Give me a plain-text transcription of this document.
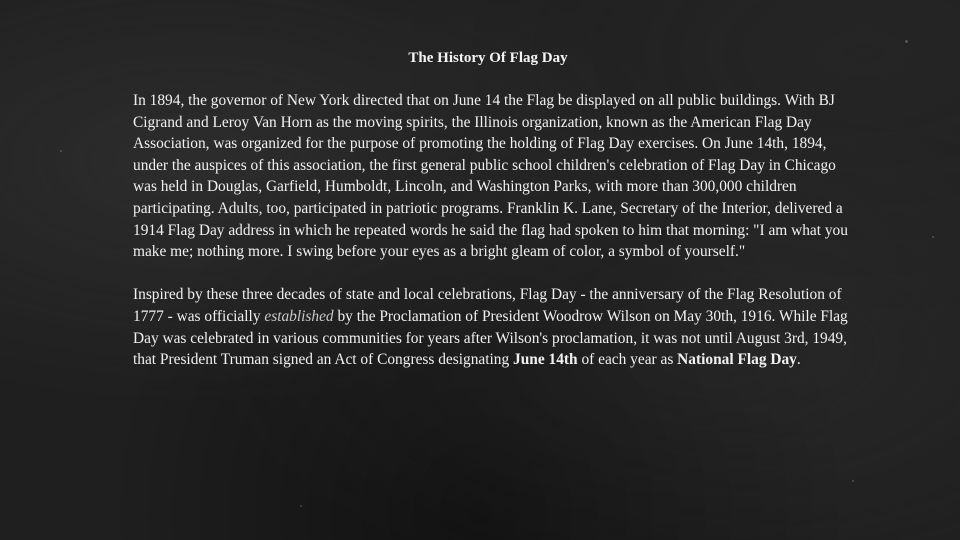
The History Of Flag Day

In 1894, the governor of New York directed that on June 14 the Flag be displayed on all public buildings. With BJ Cigrand and Leroy Van Horn as the moving spirits, the Illinois organization, known as the American Flag Day Association, was organized for the purpose of promoting the holding of Flag Day exercises. On June 14th, 1894, under the auspices of this association, the first general public school children's celebration of Flag Day in Chicago was held in Douglas, Garfield, Humboldt, Lincoln, and Washington Parks, with more than 300,000 children participating. Adults, too, participated in patriotic programs. Franklin K. Lane, Secretary of the Interior, delivered a 1914 Flag Day address in which he repeated words he said the flag had spoken to him that morning: "I am what you make me; nothing more. I swing before your eyes as a bright gleam of color, a symbol of yourself."

Inspired by these three decades of state and local celebrations, Flag Day - the anniversary of the Flag Resolution of 1777 - was officially established by the Proclamation of President Woodrow Wilson on May 30th, 1916. While Flag Day was celebrated in various communities for years after Wilson's proclamation, it was not until August 3rd, 1949, that President Truman signed an Act of Congress designating June 14th of each year as National Flag Day.
